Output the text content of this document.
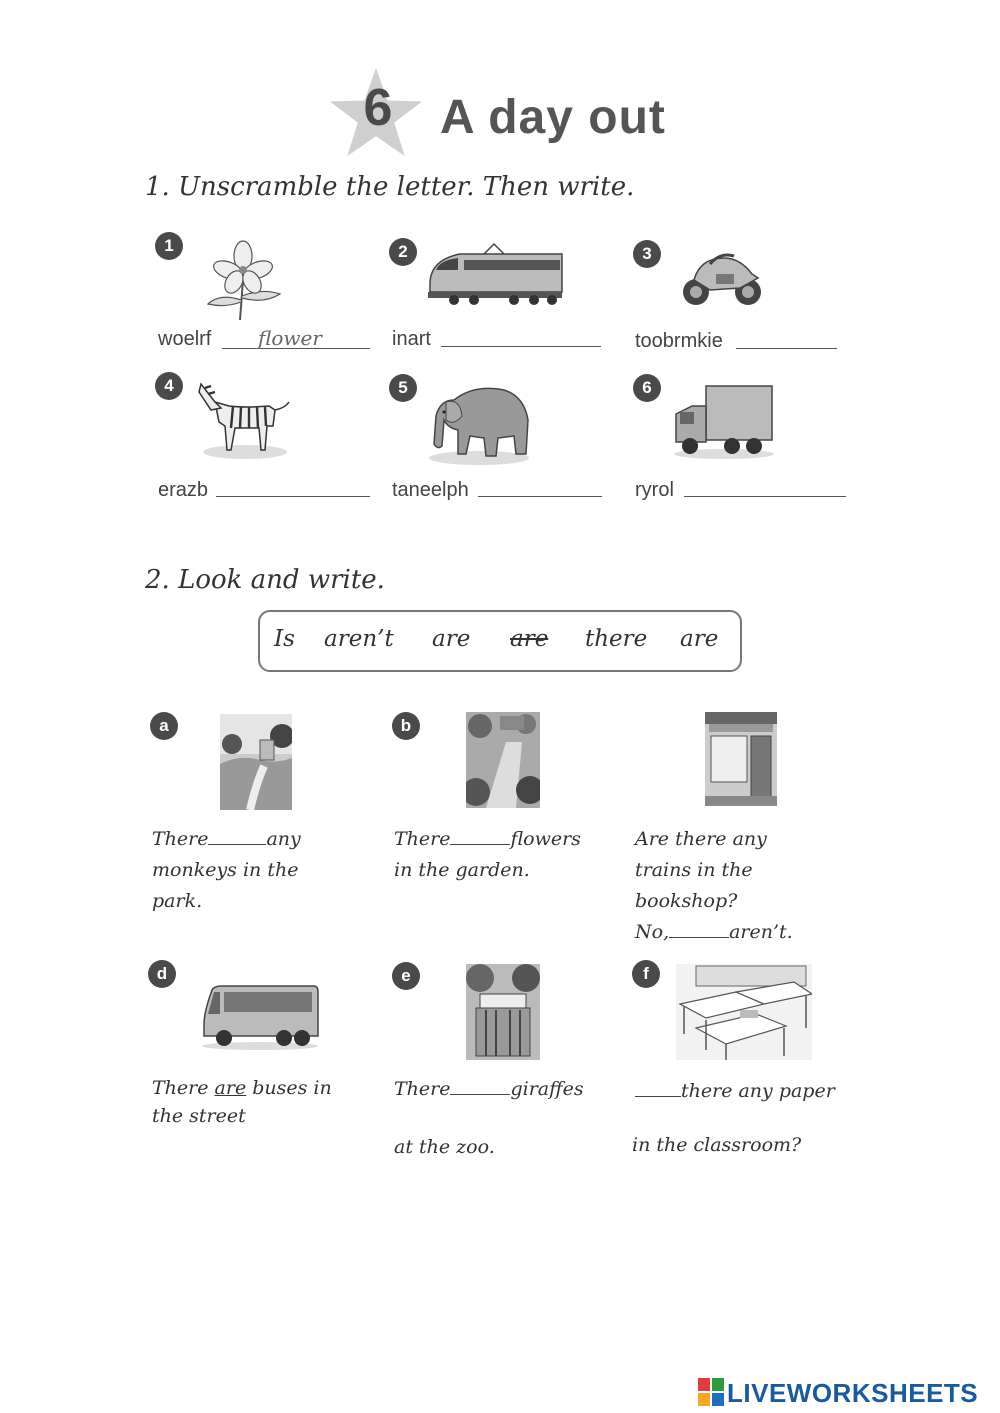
6 A day out
1. Unscramble the letter. Then write.
1
woelrf flower
2
inart
3
toobrmkie
4
erazb
5
taneelph
6
ryrol
2. Look and write.
Is aren’t are are there are
a
There	any
monkeys in the
park.
b
There	flowers
in the garden.
Are there any
trains in the
bookshop?
No,	aren’t.
d
There are buses in
the street
e
There	giraffes
at the zoo.
f
there any paper
in the classroom?
LIVEWORKSHEETS
